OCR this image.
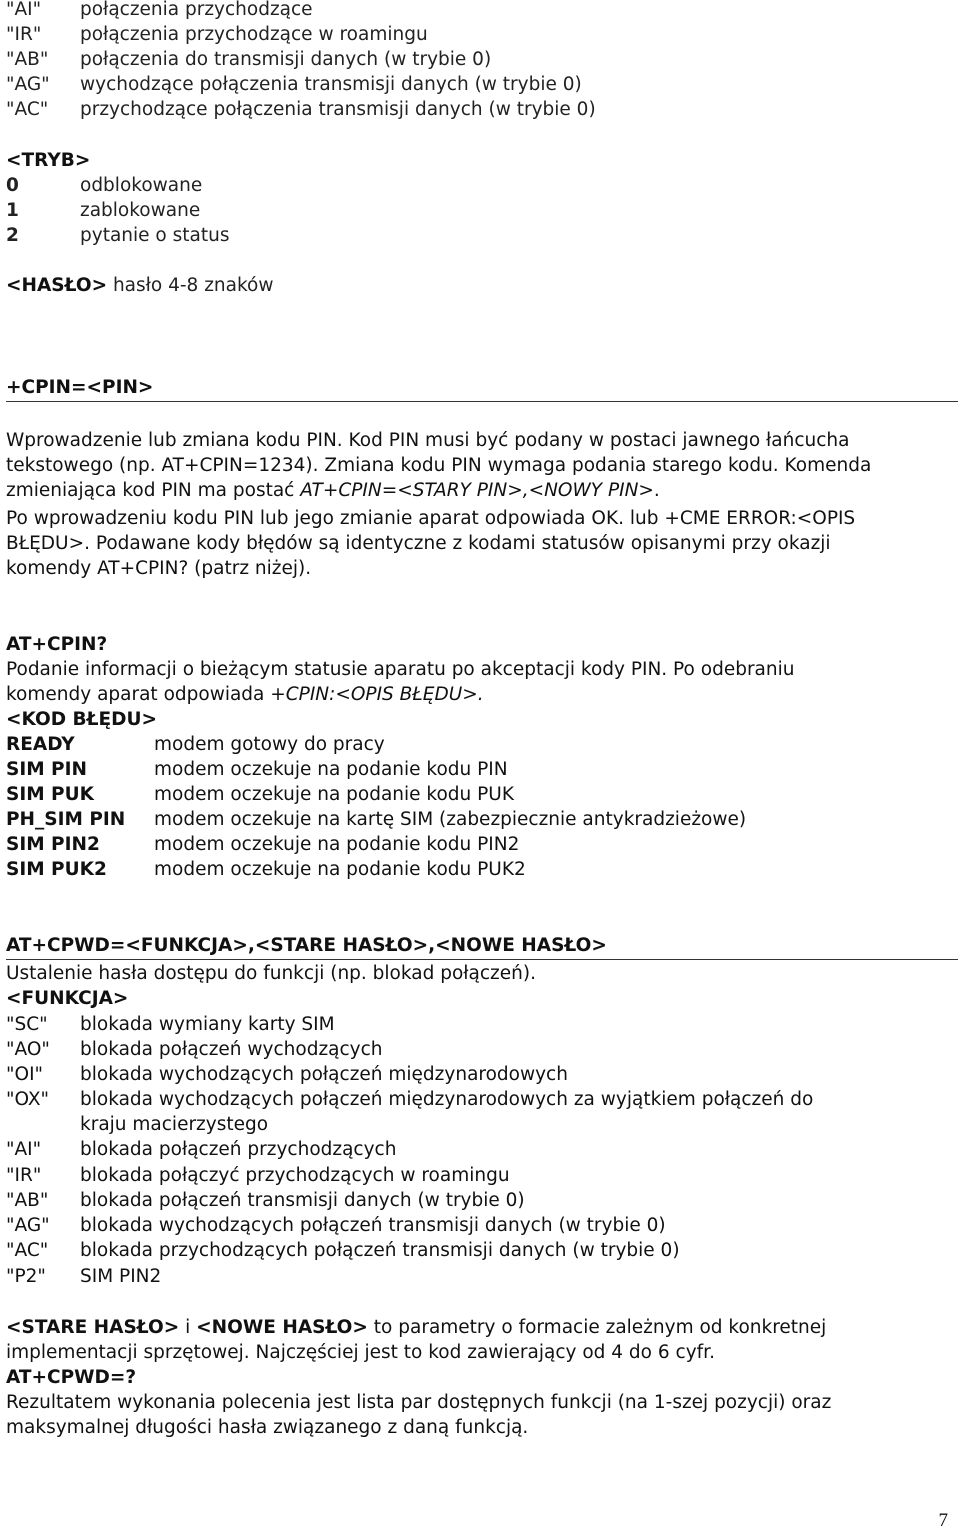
"AI" połączenia przychodzące
"IR" połączenia przychodzące w roamingu
"AB" połączenia do transmisji danych (w trybie 0)
"AG" wychodzące połączenia transmisji danych (w trybie 0)
"AC" przychodzące połączenia transmisji danych (w trybie 0)
<TRYB>
0	odblokowane
1	zablokowane
2	pytanie o status
<HASŁO> hasło 4-8 znaków
+CPIN=<PIN>
Wprowadzenie lub zmiana kodu PIN. Kod PIN musi być podany w postaci jawnego łańcucha
tekstowego (np. AT+CPIN=1234). Zmiana kodu PIN wymaga podania starego kodu. Komenda
zmieniająca kod PIN ma postać AT+CPIN=<STARY PIN>,<NOWY PIN>.
Po wprowadzeniu kodu PIN lub jego zmianie aparat odpowiada OK. lub +CME ERROR:<OPIS
BŁĘDU>. Podawane kody błędów są identyczne z kodami statusów opisanymi przy okazji
komendy AT+CPIN? (patrz niżej).
AT+CPIN?
Podanie informacji o bieżącym statusie aparatu po akceptacji kody PIN. Po odebraniu
komendy aparat odpowiada +CPIN:<OPIS BŁĘDU>.
<KOD BŁĘDU>
READY	modem gotowy do pracy
SIM PIN	modem oczekuje na podanie kodu PIN
SIM PUK	modem oczekuje na podanie kodu PUK
PH_SIM PIN modem oczekuje na kartę SIM (zabezpiecznie antykradzieżowe)
SIM PIN2	modem oczekuje na podanie kodu PIN2
SIM PUK2	modem oczekuje na podanie kodu PUK2
AT+CPWD=<FUNKCJA>,<STARE HASŁO>,<NOWE HASŁO>
Ustalenie hasła dostępu do funkcji (np. blokad połączeń).
<FUNKCJA>
"SC" blokada wymiany karty SIM
"AO" blokada połączeń wychodzących
"OI" blokada wychodzących połączeń międzynarodowych
"OX" blokada wychodzących połączeń międzynarodowych za wyjątkiem połączeń do
kraju macierzystego
"AI" blokada połączeń przychodzących
"IR" blokada połączyć przychodzących w roamingu
"AB" blokada połączeń transmisji danych (w trybie 0)
"AG" blokada wychodzących połączeń transmisji danych (w trybie 0)
"AC" blokada przychodzących połączeń transmisji danych (w trybie 0)
"P2" SIM PIN2
<STARE HASŁO> i <NOWE HASŁO> to parametry o formacie zależnym od konkretnej
implementacji sprzętowej. Najczęściej jest to kod zawierający od 4 do 6 cyfr.
AT+CPWD=?
Rezultatem wykonania polecenia jest lista par dostępnych funkcji (na 1-szej pozycji) oraz
maksymalnej długości hasła związanego z daną funkcją.
7
